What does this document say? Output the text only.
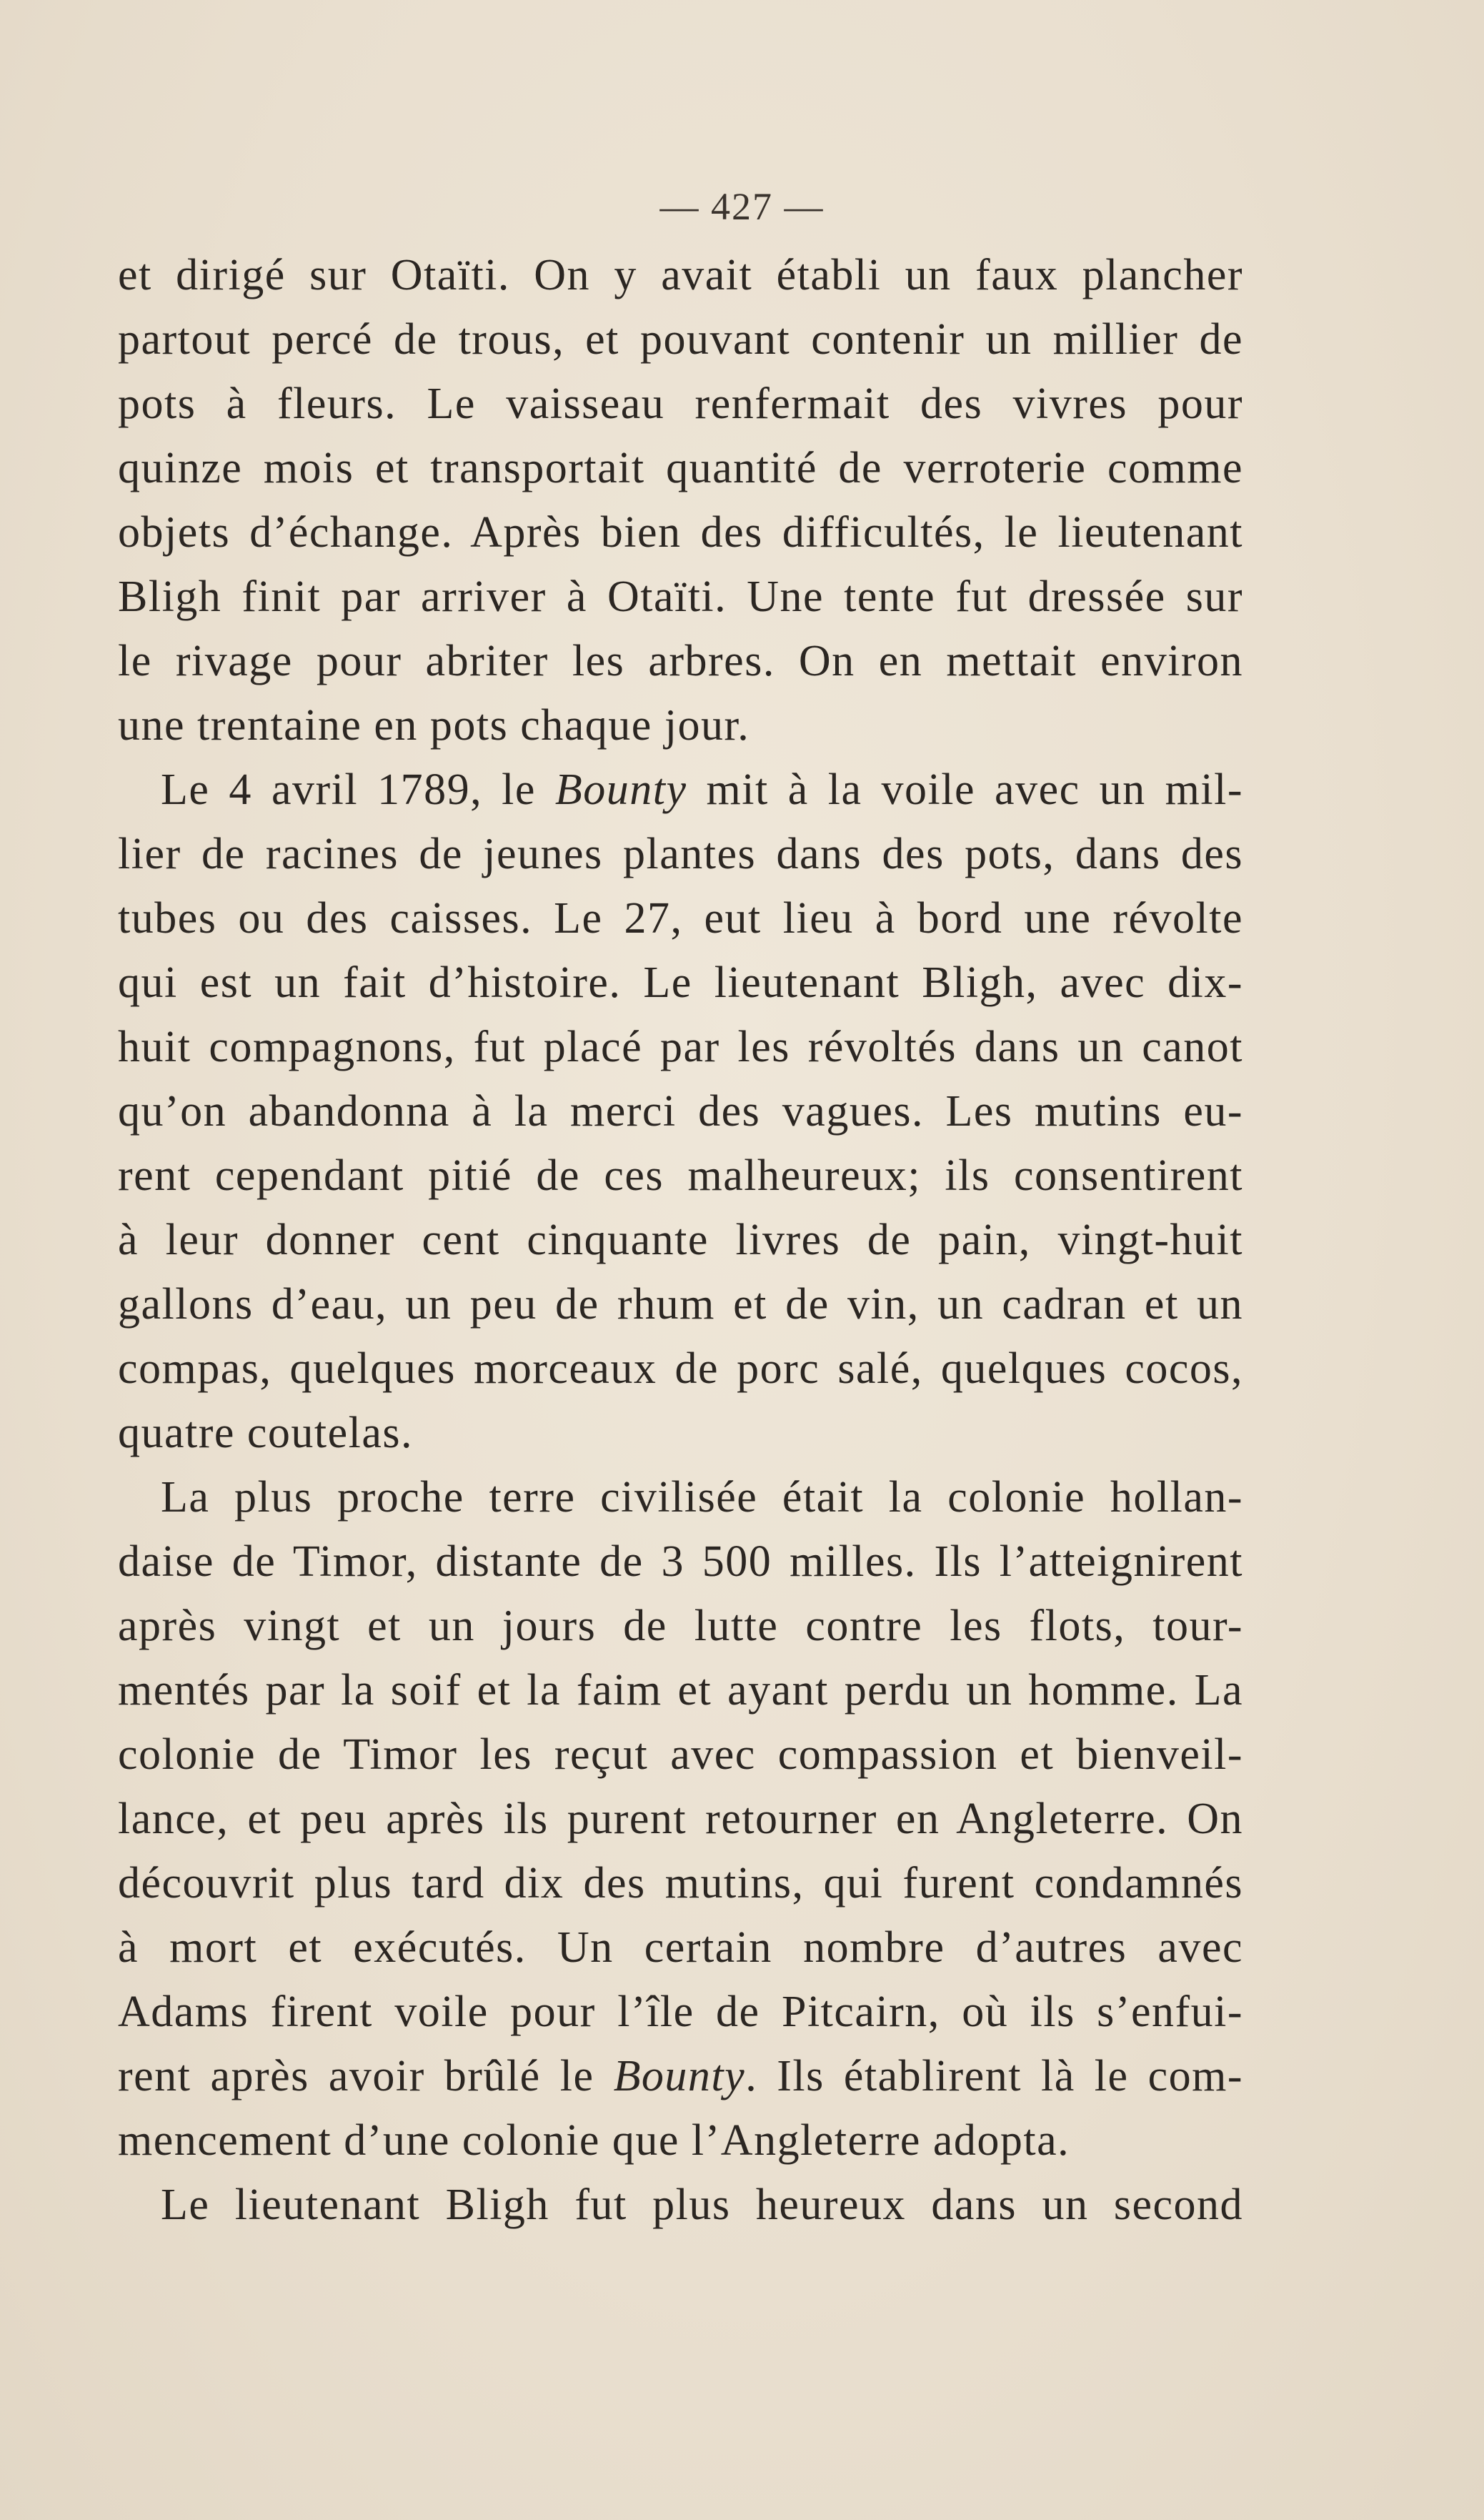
— 427 —
et dirigé sur Otaïti. On y avait établi un faux plancher
partout percé de trous, et pouvant contenir un millier de
pots à fleurs. Le vaisseau renfermait des vivres pour
quinze mois et transportait quantité de verroterie comme
objets d’échange. Après bien des difficultés, le lieutenant
Bligh finit par arriver à Otaïti. Une tente fut dressée sur
le rivage pour abriter les arbres. On en mettait environ
une trentaine en pots chaque jour.
Le 4 avril 1789, le Bounty mit à la voile avec un mil-
lier de racines de jeunes plantes dans des pots, dans des
tubes ou des caisses. Le 27, eut lieu à bord une révolte
qui est un fait d’histoire. Le lieutenant Bligh, avec dix-
huit compagnons, fut placé par les révoltés dans un canot
qu’on abandonna à la merci des vagues. Les mutins eu-
rent cependant pitié de ces malheureux; ils consentirent
à leur donner cent cinquante livres de pain, vingt-huit
gallons d’eau, un peu de rhum et de vin, un cadran et un
compas, quelques morceaux de porc salé, quelques cocos,
quatre coutelas.
La plus proche terre civilisée était la colonie hollan-
daise de Timor, distante de 3 500 milles. Ils l’atteignirent
après vingt et un jours de lutte contre les flots, tour-
mentés par la soif et la faim et ayant perdu un homme. La
colonie de Timor les reçut avec compassion et bienveil-
lance, et peu après ils purent retourner en Angleterre. On
découvrit plus tard dix des mutins, qui furent condamnés
à mort et exécutés. Un certain nombre d’autres avec
Adams firent voile pour l’île de Pitcairn, où ils s’enfui-
rent après avoir brûlé le Bounty. Ils établirent là le com-
mencement d’une colonie que l’Angleterre adopta.
Le lieutenant Bligh fut plus heureux dans un second
